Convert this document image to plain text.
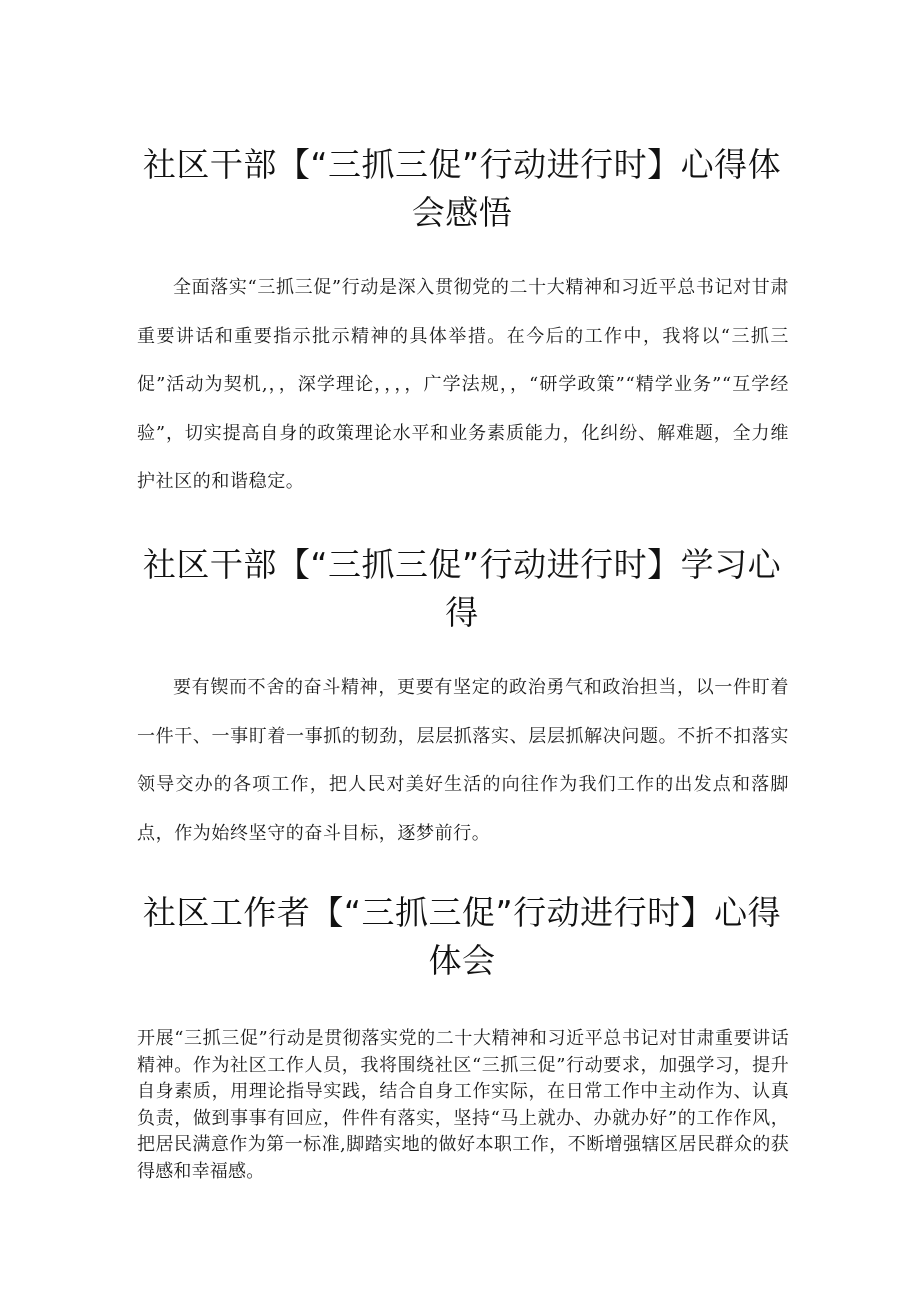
社区干部【“三抓三促”行动进行时】心得体会感悟

全面落实“三抓三促”行动是深入贯彻党的二十大精神和习近平总书记对甘肃重要讲话和重要指示批示精神的具体举措。在今后的工作中，我将以“三抓三促”活动为契机,，，深学理论，，，，广学法规，，“研学政策”“精学业务”“互学经验”，切实提高自身的政策理论水平和业务素质能力，化纠纷、解难题，全力维护社区的和谐稳定。

社区干部【“三抓三促”行动进行时】学习心得

要有锲而不舍的奋斗精神，更要有坚定的政治勇气和政治担当，以一件盯着一件干、一事盯着一事抓的韧劲，层层抓落实、层层抓解决问题。不折不扣落实领导交办的各项工作，把人民对美好生活的向往作为我们工作的出发点和落脚点，作为始终坚守的奋斗目标，逐梦前行。

社区工作者【“三抓三促”行动进行时】心得体会

开展“三抓三促”行动是贯彻落实党的二十大精神和习近平总书记对甘肃重要讲话精神。作为社区工作人员，我将围绕社区“三抓三促”行动要求，加强学习，提升自身素质，用理论指导实践，结合自身工作实际，在日常工作中主动作为、认真负责，做到事事有回应，件件有落实，坚持“马上就办、办就办好”的工作作风，把居民满意作为第一标准,脚踏实地的做好本职工作，不断增强辖区居民群众的获得感和幸福感。
